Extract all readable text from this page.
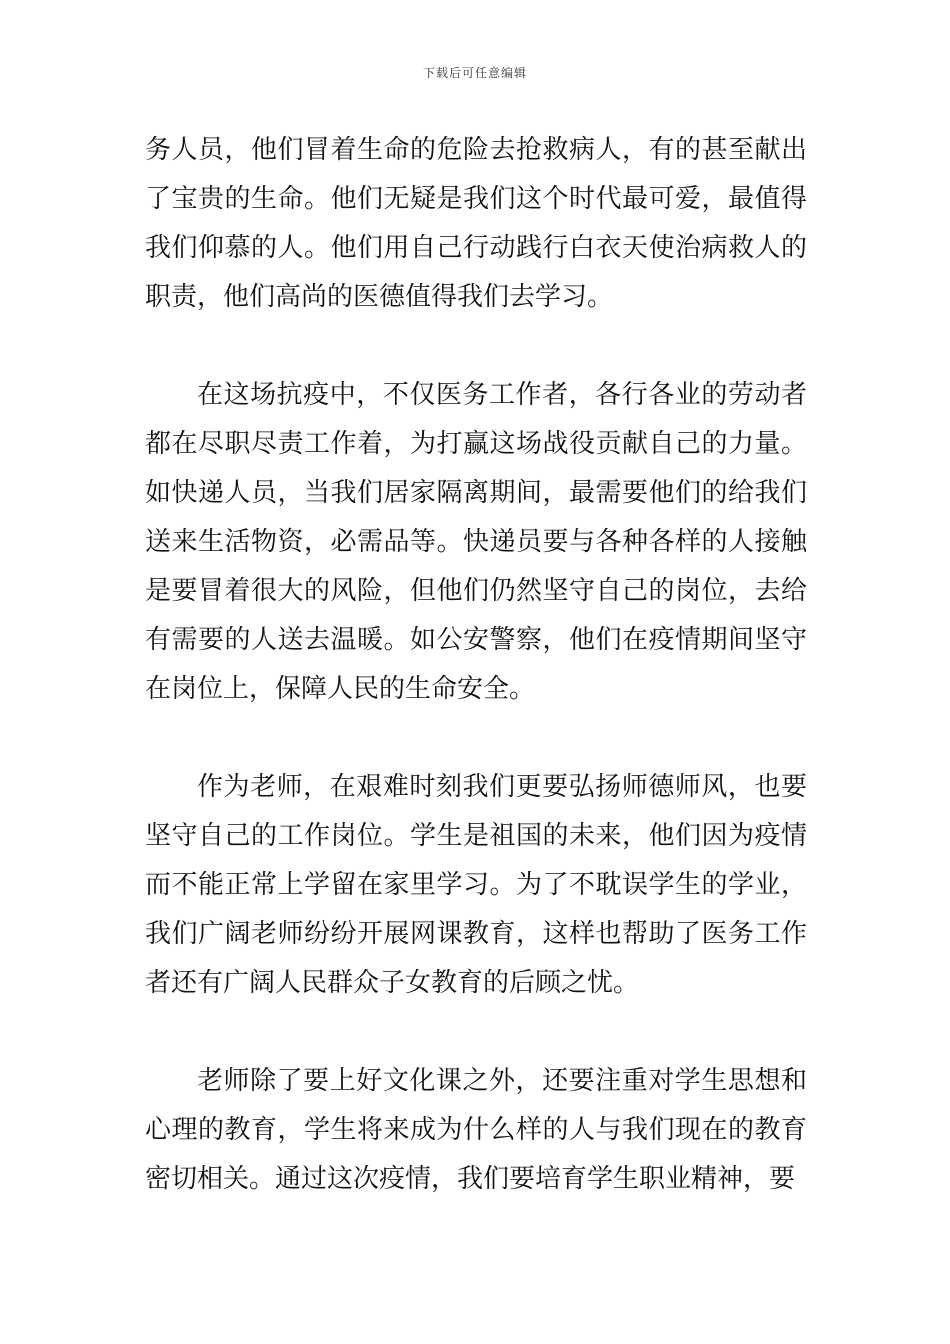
下载后可任意编辑

务人员，他们冒着生命的危险去抢救病人，有的甚至献出了宝贵的生命。他们无疑是我们这个时代最可爱，最值得我们仰慕的人。他们用自己行动践行白衣天使治病救人的职责，他们高尚的医德值得我们去学习。

在这场抗疫中，不仅医务工作者，各行各业的劳动者都在尽职尽责工作着，为打赢这场战役贡献自己的力量。如快递人员，当我们居家隔离期间，最需要他们的给我们送来生活物资，必需品等。快递员要与各种各样的人接触是要冒着很大的风险，但他们仍然坚守自己的岗位，去给有需要的人送去温暖。如公安警察，他们在疫情期间坚守在岗位上，保障人民的生命安全。

作为老师，在艰难时刻我们更要弘扬师德师风，也要坚守自己的工作岗位。学生是祖国的未来，他们因为疫情而不能正常上学留在家里学习。为了不耽误学生的学业，我们广阔老师纷纷开展网课教育，这样也帮助了医务工作者还有广阔人民群众子女教育的后顾之忧。

老师除了要上好文化课之外，还要注重对学生思想和心理的教育，学生将来成为什么样的人与我们现在的教育密切相关。通过这次疫情，我们要培育学生职业精神，要
